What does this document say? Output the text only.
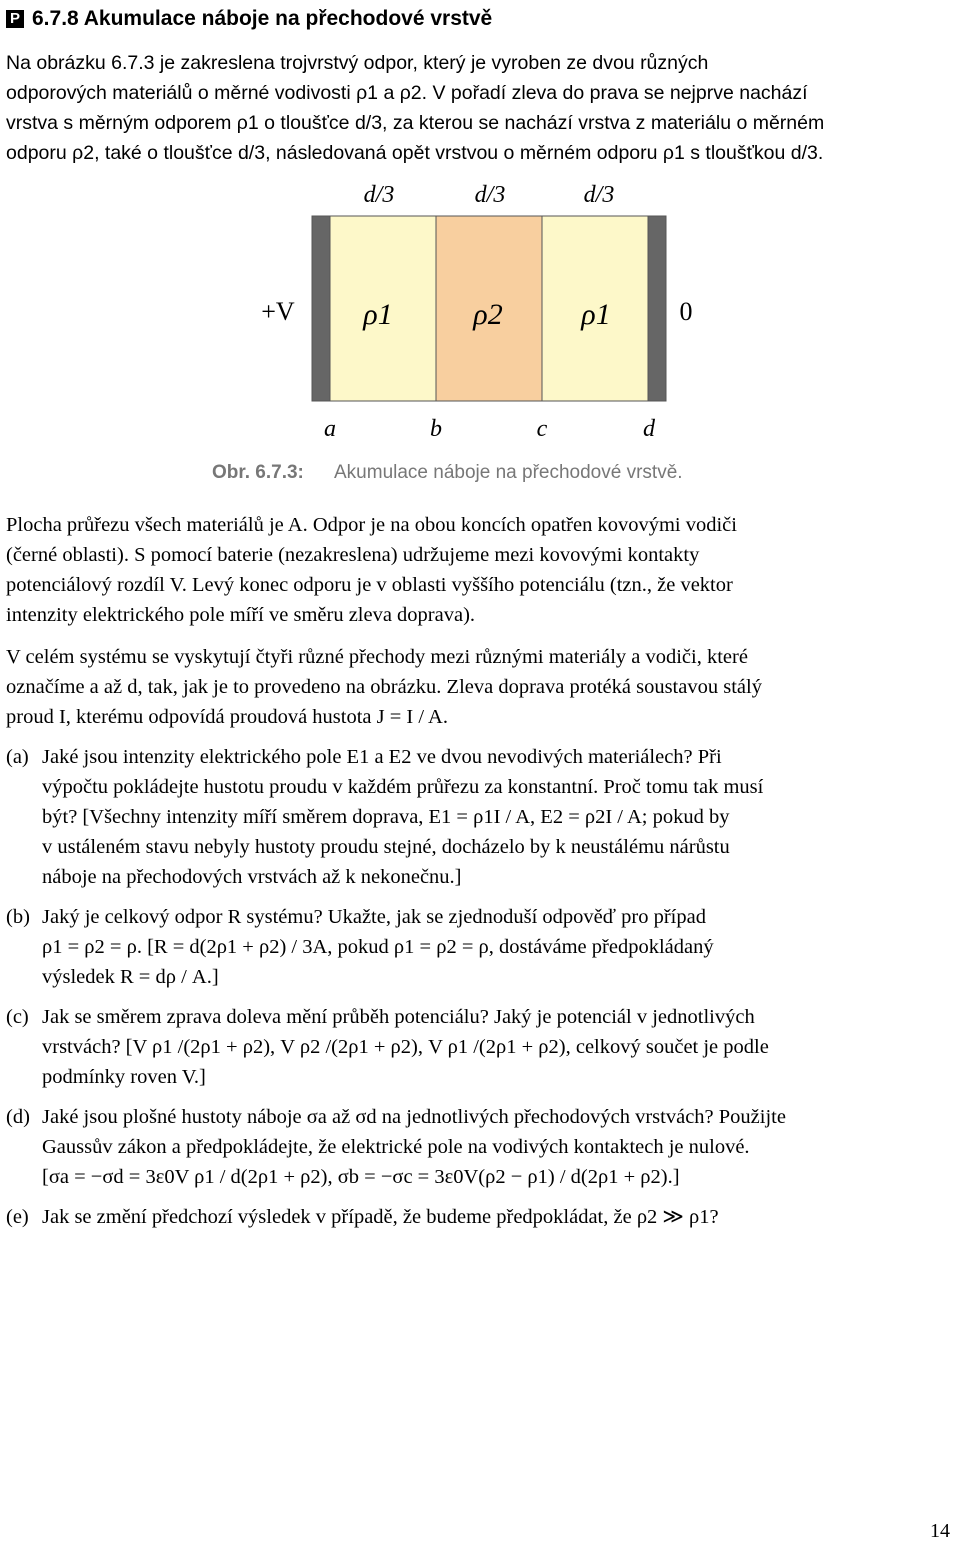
P 6.7.8 Akumulace náboje na přechodové vrstvě

Na obrázku 6.7.3 je zakreslena trojvrstvý odpor, který je vyroben ze dvou různých

odporových materiálů o měrné vodivosti ρ1 a ρ2. V pořadí zleva do prava se nejprve nachází

vrstva s měrným odporem ρ1 o tloušťce d/3, za kterou se nachází vrstva z materiálu o měrném

odporu ρ2, také o tloušťce d/3, následovaná opět vrstvou o měrném odporu ρ1 s tloušťkou d/3.

d/3	d/3	d/3
ρ1	ρ2	ρ1
+V	0
a	b	c	d
Obr. 6.7.3: Akumulace náboje na přechodové vrstvě.

Plocha průřezu všech materiálů je A. Odpor je na obou koncích opatřen kovovými vodiči

(černé oblasti). S pomocí baterie (nezakreslena) udržujeme mezi kovovými kontakty

potenciálový rozdíl V. Levý konec odporu je v oblasti vyššího potenciálu (tzn., že vektor

intenzity elektrického pole míří ve směru zleva doprava).

V celém systému se vyskytují čtyři různé přechody mezi různými materiály a vodiči, které

označíme a až d, tak, jak je to provedeno na obrázku. Zleva doprava protéká soustavou stálý

proud I, kterému odpovídá proudová hustota J = I / A.

(a) Jaké jsou intenzity elektrického pole E1 a E2 ve dvou nevodivých materiálech? Při

výpočtu pokládejte hustotu proudu v každém průřezu za konstantní. Proč tomu tak musí

být? [Všechny intenzity míří směrem doprava, E1 = ρ1I / A, E2 = ρ2I / A; pokud by

v ustáleném stavu nebyly hustoty proudu stejné, docházelo by k neustálému nárůstu

náboje na přechodových vrstvách až k nekonečnu.]

(b) Jaký je celkový odpor R systému? Ukažte, jak se zjednoduší odpověď pro případ

ρ1 = ρ2 = ρ. [R = d(2ρ1 + ρ2) / 3A, pokud ρ1 = ρ2 = ρ, dostáváme předpokládaný

výsledek R = dρ / A.]

(c) Jak se směrem zprava doleva mění průběh potenciálu? Jaký je potenciál v jednotlivých

vrstvách? [V ρ1 /(2ρ1 + ρ2), V ρ2 /(2ρ1 + ρ2), V ρ1 /(2ρ1 + ρ2), celkový součet je podle

podmínky roven V.]

(d) Jaké jsou plošné hustoty náboje σa až σd na jednotlivých přechodových vrstvách? Použijte

Gaussův zákon a předpokládejte, že elektrické pole na vodivých kontaktech je nulové.

[σa = −σd = 3ε0V ρ1 / d(2ρ1 + ρ2), σb = −σc = 3ε0V(ρ2 − ρ1) / d(2ρ1 + ρ2).]

(e) Jak se změní předchozí výsledek v případě, že budeme předpokládat, že ρ2 ≫ ρ1?

14
